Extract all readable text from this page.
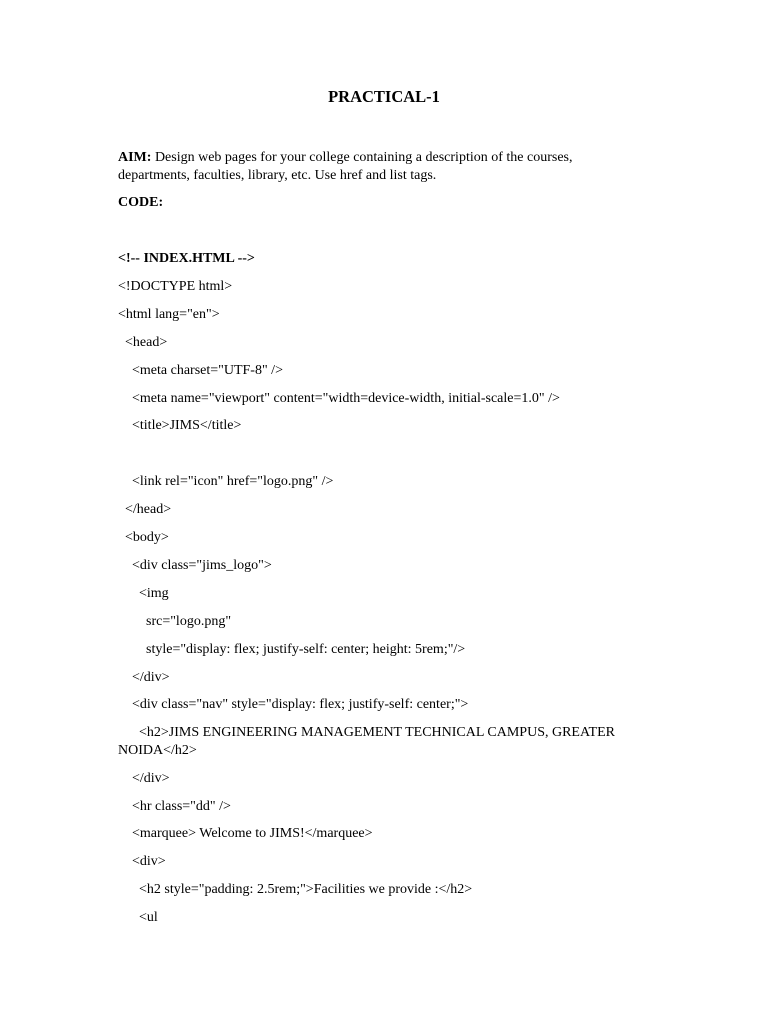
PRACTICAL-1
AIM: Design web pages for your college containing a description of the courses, departments, faculties, library, etc. Use href and list tags.
CODE:
<!-- INDEX.HTML -->
<!DOCTYPE html>
<html lang="en">
<head>
<meta charset="UTF-8" />
<meta name="viewport" content="width=device-width, initial-scale=1.0" />
<title>JIMS</title>
<link rel="icon" href="logo.png" />
</head>
<body>
<div class="jims_logo">
<img
src="logo.png"
style="display: flex; justify-self: center; height: 5rem;"/>
</div>
<div class="nav" style="display: flex; justify-self: center;">
<h2>JIMS ENGINEERING MANAGEMENT TECHNICAL CAMPUS, GREATER NOIDA</h2>
</div>
<hr class="dd" />
<marquee> Welcome to JIMS!</marquee>
<div>
<h2 style="padding: 2.5rem;">Facilities we provide :</h2>
<ul
